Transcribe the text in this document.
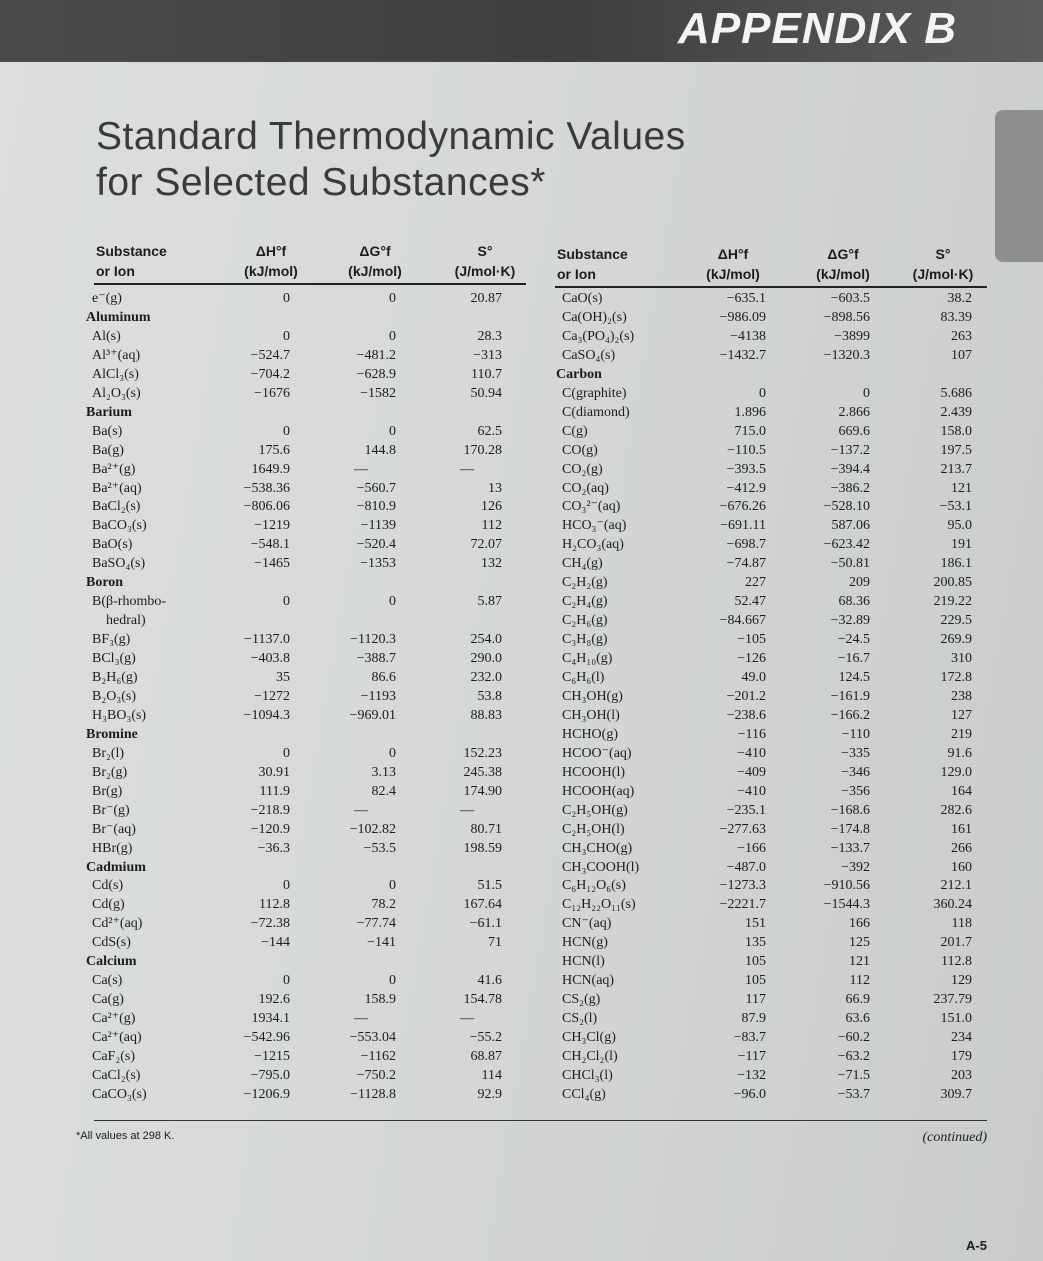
APPENDIX B
Standard Thermodynamic Values
for Selected Substances*
Substance
or Ion
ΔH°f
(kJ/mol)
ΔG°f
(kJ/mol)
S°
(J/mol·K)
Substance
or Ion
ΔH°f
(kJ/mol)
ΔG°f
(kJ/mol)
S°
(J/mol·K)
e⁻(g)	0	0	20.87
Aluminum
Al(s)	0	0	28.3
Al³⁺(aq)	−524.7	−481.2	−313
AlCl₃(s)	−704.2	−628.9	110.7
Al₂O₃(s)	−1676	−1582	50.94
Barium
Ba(s)	0	0	62.5
Ba(g)	175.6	144.8	170.28
Ba²⁺(g)	1649.9	—	—
Ba²⁺(aq)	−538.36	−560.7	13
BaCl₂(s)	−806.06	−810.9	126
BaCO₃(s)	−1219	−1139	112
BaO(s)	−548.1	−520.4	72.07
BaSO₄(s)	−1465	−1353	132
Boron
B(β-rhombo-	0	0	5.87
hedral)
BF₃(g)	−1137.0	−1120.3	254.0
BCl₃(g)	−403.8	−388.7	290.0
B₂H₆(g)	35	86.6	232.0
B₂O₃(s)	−1272	−1193	53.8
H₃BO₃(s)	−1094.3	−969.01	88.83
Bromine
Br₂(l)	0	0	152.23
Br₂(g)	30.91	3.13	245.38
Br(g)	111.9	82.4	174.90
Br⁻(g)	−218.9	—	—
Br⁻(aq)	−120.9	−102.82	80.71
HBr(g)	−36.3	−53.5	198.59
Cadmium
Cd(s)	0	0	51.5
Cd(g)	112.8	78.2	167.64
Cd²⁺(aq)	−72.38	−77.74	−61.1
CdS(s)	−144	−141	71
Calcium
Ca(s)	0	0	41.6
Ca(g)	192.6	158.9	154.78
Ca²⁺(g)	1934.1	—	—
Ca²⁺(aq)	−542.96	−553.04	−55.2
CaF₂(s)	−1215	−1162	68.87
CaCl₂(s)	−795.0	−750.2	114
CaCO₃(s)	−1206.9	−1128.8	92.9
CaO(s)	−635.1	−603.5	38.2
Ca(OH)₂(s)	−986.09	−898.56	83.39
Ca₃(PO₄)₂(s)	−4138	−3899	263
CaSO₄(s)	−1432.7	−1320.3	107
Carbon
C(graphite)	0	0	5.686
C(diamond)	1.896	2.866	2.439
C(g)	715.0	669.6	158.0
CO(g)	−110.5	−137.2	197.5
CO₂(g)	−393.5	−394.4	213.7
CO₂(aq)	−412.9	−386.2	121
CO₃²⁻(aq)	−676.26	−528.10	−53.1
HCO₃⁻(aq)	−691.11	587.06	95.0
H₂CO₃(aq)	−698.7	−623.42	191
CH₄(g)	−74.87	−50.81	186.1
C₂H₂(g)	227	209	200.85
C₂H₄(g)	52.47	68.36	219.22
C₂H₆(g)	−84.667	−32.89	229.5
C₃H₈(g)	−105	−24.5	269.9
C₄H₁₀(g)	−126	−16.7	310
C₆H₆(l)	49.0	124.5	172.8
CH₃OH(g)	−201.2	−161.9	238
CH₃OH(l)	−238.6	−166.2	127
HCHO(g)	−116	−110	219
HCOO⁻(aq)	−410	−335	91.6
HCOOH(l)	−409	−346	129.0
HCOOH(aq)	−410	−356	164
C₂H₅OH(g)	−235.1	−168.6	282.6
C₂H₅OH(l)	−277.63	−174.8	161
CH₃CHO(g)	−166	−133.7	266
CH₃COOH(l)	−487.0	−392	160
C₆H₁₂O₆(s)	−1273.3	−910.56	212.1
C₁₂H₂₂O₁₁(s)	−2221.7	−1544.3	360.24
CN⁻(aq)	151	166	118
HCN(g)	135	125	201.7
HCN(l)	105	121	112.8
HCN(aq)	105	112	129
CS₂(g)	117	66.9	237.79
CS₂(l)	87.9	63.6	151.0
CH₃Cl(g)	−83.7	−60.2	234
CH₂Cl₂(l)	−117	−63.2	179
CHCl₃(l)	−132	−71.5	203
CCl₄(g)	−96.0	−53.7	309.7
*All values at 298 K.	(continued)
A-5
